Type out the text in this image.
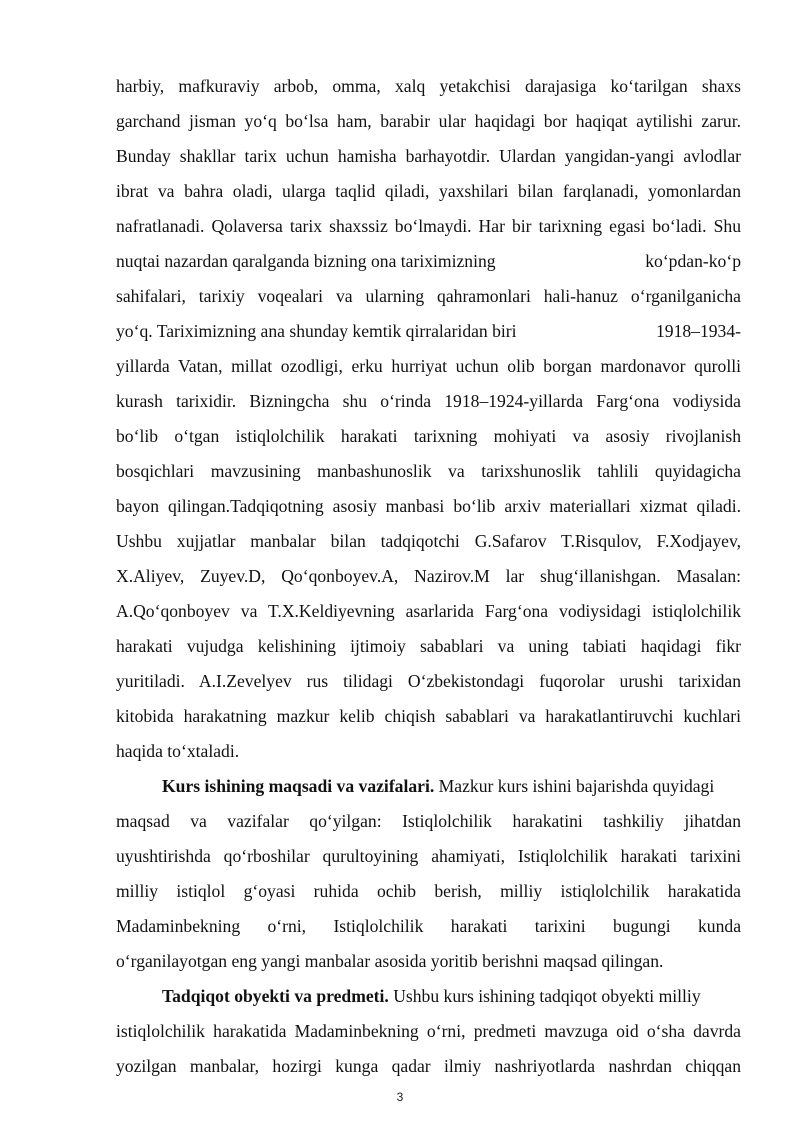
harbiy, mafkuraviy arbob, omma, xalq yetakchisi darajasiga koʻtarilgan shaxs
garchand jisman yoʻq boʻlsa ham, barabir ular haqidagi bor haqiqat aytilishi zarur.
Bunday shakllar tarix uchun hamisha barhayotdir. Ulardan yangidan-yangi avlodlar
ibrat va bahra oladi, ularga taqlid qiladi, yaxshilari bilan farqlanadi, yomonlardan
nafratlanadi. Qolaversa tarix shaxssiz boʻlmaydi. Har bir tarixning egasi boʻladi. Shu
nuqtai nazardan qaralganda bizning ona tariximizning	koʻpdan-koʻp
sahifalari, tarixiy voqealari va ularning qahramonlari hali-hanuz oʻrganilganicha
yoʻq. Tariximizning ana shunday kemtik qirralaridan biri	1918–1934-
yillarda Vatan, millat ozodligi, erku hurriyat uchun olib borgan mardonavor qurolli
kurash tarixidir. Bizningcha shu oʻrinda 1918–1924-yillarda Fargʻona vodiysida
boʻlib oʻtgan istiqlolchilik harakati tarixning mohiyati va asosiy rivojlanish
bosqichlari mavzusining manbashunoslik va tarixshunoslik tahlili quyidagicha
bayon qilingan.Tadqiqotning asosiy manbasi boʻlib arxiv materiallari xizmat qiladi.
Ushbu xujjatlar manbalar bilan tadqiqotchi G.Safarov T.Risqulov, F.Xodjayev,
X.Aliyev, Zuyev.D, Qoʻqonboyev.A, Nazirov.M lar shugʻillanishgan. Masalan:
A.Qoʻqonboyev va T.X.Keldiyevning asarlarida Fargʻona vodiysidagi istiqlolchilik
harakati vujudga kelishining ijtimoiy sabablari va uning tabiati haqidagi fikr
yuritiladi. A.I.Zevelyev rus tilidagi Oʻzbekistondagi fuqorolar urushi tarixidan
kitobida harakatning mazkur kelib chiqish sabablari va harakatlantiruvchi kuchlari
haqida toʻxtaladi.
Kurs ishining maqsadi va vazifalari. Mazkur kurs ishini bajarishda quyidagi
maqsad va vazifalar qoʻyilgan: Istiqlolchilik harakatini tashkiliy jihatdan
uyushtirishda qoʻrboshilar qurultoyining ahamiyati, Istiqlolchilik harakati tarixini
milliy istiqlol gʻoyasi ruhida ochib berish, milliy istiqlolchilik harakatida
Madaminbekning oʻrni, Istiqlolchilik harakati tarixini bugungi kunda
oʻrganilayotgan eng yangi manbalar asosida yoritib berishni maqsad qilingan.
Tadqiqot obyekti va predmeti. Ushbu kurs ishining tadqiqot obyekti milliy
istiqlolchilik harakatida Madaminbekning oʻrni, predmeti mavzuga oid oʻsha davrda
yozilgan manbalar, hozirgi kunga qadar ilmiy nashriyotlarda nashrdan chiqqan
3
